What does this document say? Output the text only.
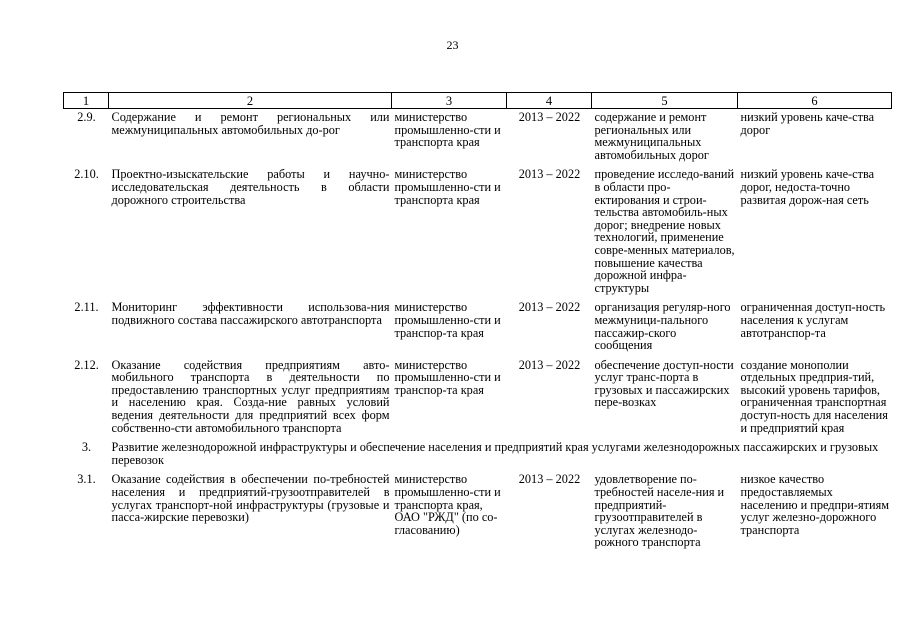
23
1	2	3	4	5	6
2.9.	Содержание и ремонт региональных или межмуниципальных автомобильных до-рог	министерство промышленно-сти и транспорта края	2013 – 2022	содержание и ремонт региональных или межмуниципальных автомобильных дорог	низкий уровень каче-ства дорог
2.10.	Проектно-изыскательские работы и научно-исследовательская деятельность в области дорожного строительства	министерство промышленно-сти и транспорта края	2013 – 2022	проведение исследо-ваний в области про-ектирования и строи-тельства автомобиль-ных дорог; внедрение новых технологий, применение совре-менных материалов, повышение качества дорожной инфра-структуры	низкий уровень каче-ства дорог, недоста-точно развитая дорож-ная сеть
2.11.	Мониторинг эффективности использова-ния подвижного состава пассажирского автотранспорта	министерство промышленно-сти и транспор-та края	2013 – 2022	организация регуляр-ного межмуници-пального пассажир-ского сообщения	ограниченная доступ-ность населения к услугам автотранспор-та
2.12.	Оказание содействия предприятиям авто-мобильного транспорта в деятельности по предоставлению транспортных услуг предприятиям и населению края. Созда-ние равных условий ведения деятельности для предприятий всех форм собственно-сти автомобильного транспорта	министерство промышленно-сти и транспор-та края	2013 – 2022	обеспечение доступ-ности услуг транс-порта в грузовых и пассажирских пере-возках	создание монополии отдельных предприя-тий, высокий уровень тарифов, ограниченная транспортная доступ-ность для населения и предприятий края
3.	Развитие железнодорожной инфраструктуры и обеспечение населения и предприятий края услугами железнодорожных пассажирских и грузовых перевозок				
3.1.	Оказание содействия в обеспечении по-требностей населения и предприятий-грузоотправителей в услугах транспорт-ной инфраструктуры (грузовые и пасса-жирские перевозки)	министерство промышленно-сти и транспорта края, ОАО "РЖД" (по со-гласованию)	2013 – 2022	удовлетворение по-требностей населе-ния и предприятий-грузоотправителей в услугах железнодо-рожного транспорта	низкое качество предоставляемых населению и предпри-ятиям услуг железно-дорожного транспорта
